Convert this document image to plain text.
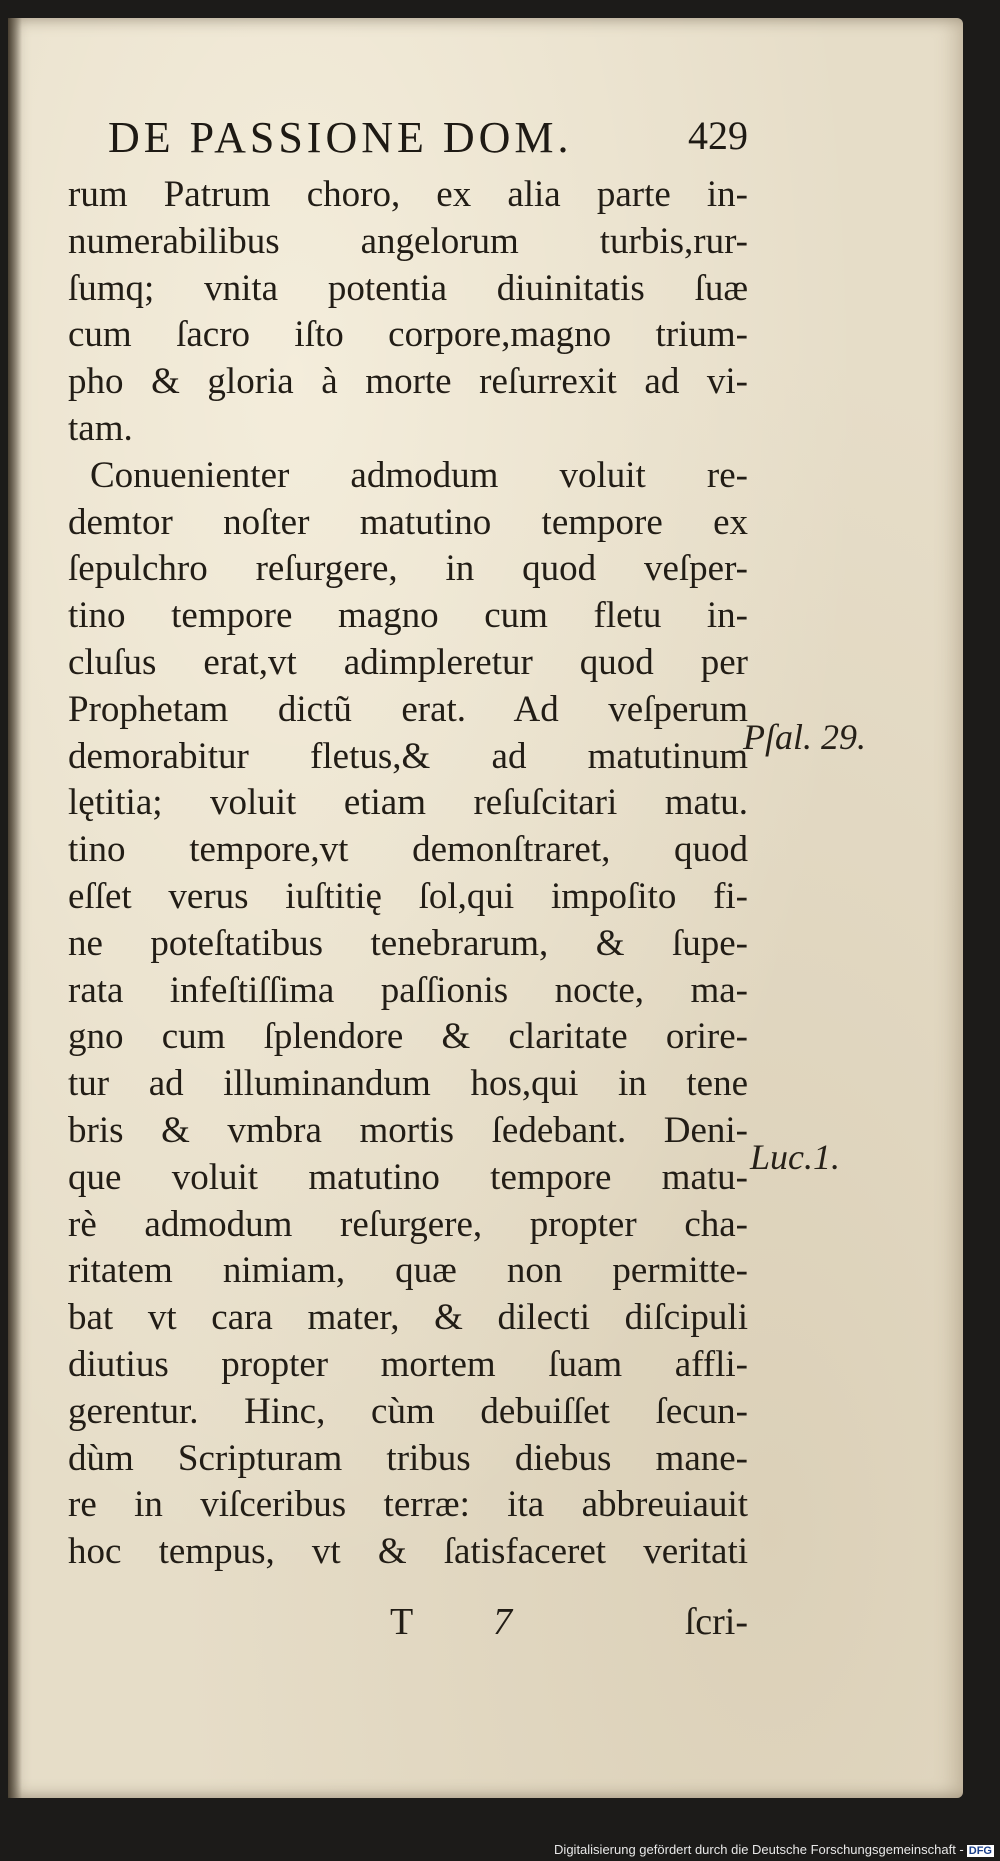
DE PASSIONE DOM.	429
rum Patrum choro, ex alia parte in-
numerabilibus angelorum turbis,rur-
ſumq; vnita potentia diuinitatis ſuæ
cum ſacro iſto corpore,magno trium-
pho & gloria à morte reſurrexit ad vi-
tam.
Conuenienter admodum voluit re-
demtor noſter matutino tempore ex
ſepulchro reſurgere, in quod veſper-
tino tempore magno cum fletu in-
cluſus erat,vt adimpleretur quod per
Prophetam dictũ erat. Ad veſperum
demorabitur fletus,& ad matutinum
lętitia; voluit etiam reſuſcitari matu.
tino tempore,vt demonſtraret, quod
eſſet verus iuſtitię ſol,qui impoſito fi-
ne poteſtatibus tenebrarum, & ſupe-
rata infeſtiſſima paſſionis nocte, ma-
gno cum ſplendore & claritate orire-
tur ad illuminandum hos,qui in tene
bris & vmbra mortis ſedebant. Deni-
que voluit matutino tempore matu-
rè admodum reſurgere, propter cha-
ritatem nimiam, quæ non permitte-
bat vt cara mater, & dilecti diſcipuli
diutius propter mortem ſuam affli-
gerentur. Hinc, cùm debuiſſet ſecun-
dùm Scripturam tribus diebus mane-
re in viſceribus terræ: ita abbreuiauit
hoc tempus, vt & ſatisfaceret veritati
Pſal. 29.
Luc.1.
T 7	ſcri-
Digitalisierung gefördert durch die Deutsche Forschungsgemeinschaft - DFG
